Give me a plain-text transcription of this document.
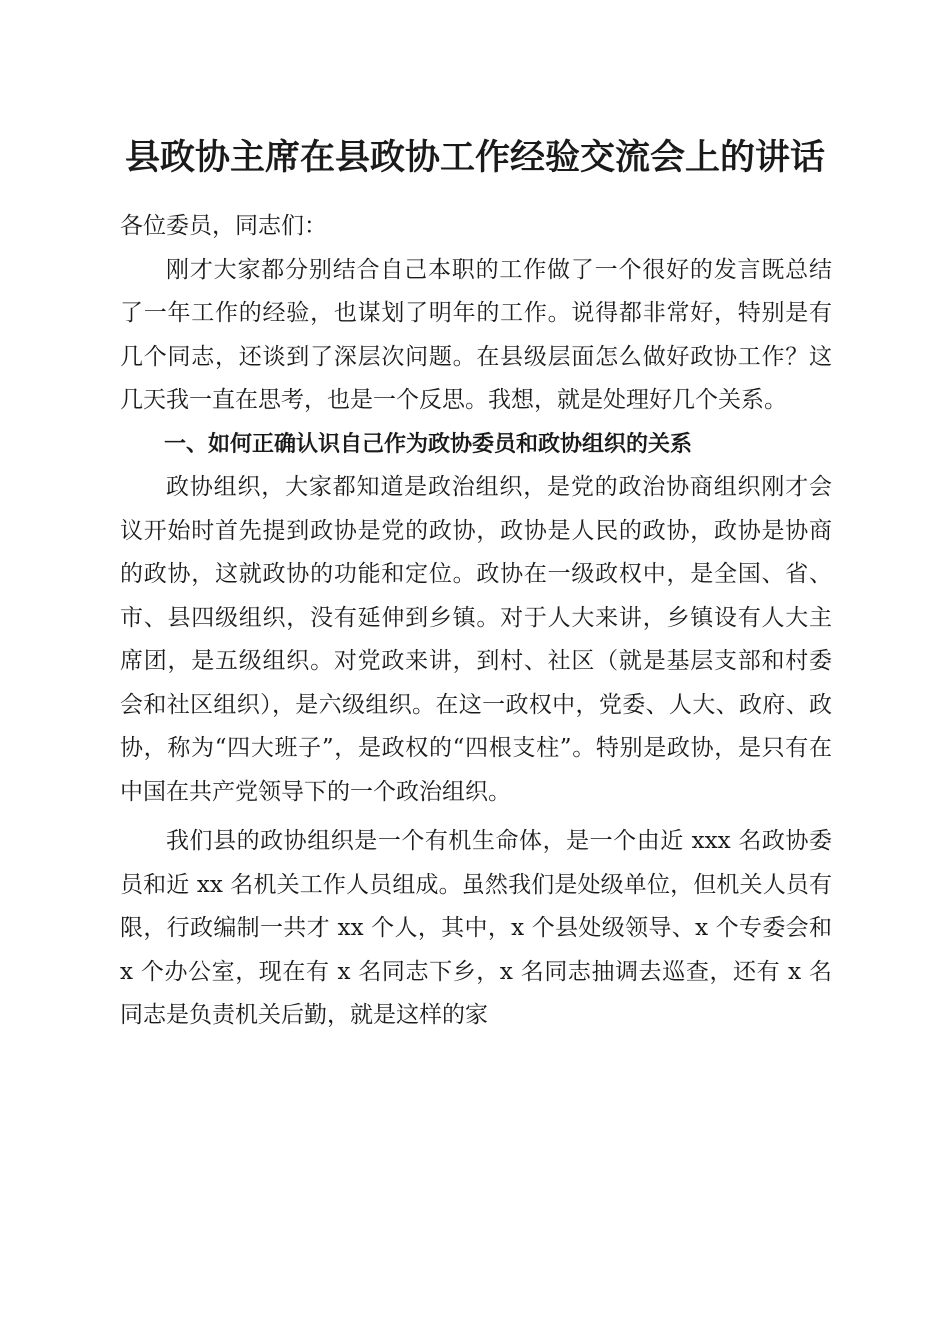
县政协主席在县政协工作经验交流会上的讲话

各位委员，同志们：

刚才大家都分别结合自己本职的工作做了一个很好的发言既总结了一年工作的经验，也谋划了明年的工作。说得都非常好，特别是有几个同志，还谈到了深层次问题。在县级层面怎么做好政协工作？这几天我一直在思考，也是一个反思。我想，就是处理好几个关系。

一、如何正确认识自己作为政协委员和政协组织的关系

政协组织，大家都知道是政治组织，是党的政治协商组织刚才会议开始时首先提到政协是党的政协，政协是人民的政协，政协是协商的政协，这就政协的功能和定位。政协在一级政权中，是全国、省、市、县四级组织，没有延伸到乡镇。对于人大来讲，乡镇设有人大主席团，是五级组织。对党政来讲，到村、社区（就是基层支部和村委会和社区组织），是六级组织。在这一政权中，党委、人大、政府、政协，称为“四大班子”，是政权的“四根支柱”。特别是政协，是只有在中国在共产党领导下的一个政治组织。

我们县的政协组织是一个有机生命体，是一个由近 xxx 名政协委员和近 xx 名机关工作人员组成。虽然我们是处级单位，但机关人员有限，行政编制一共才 xx 个人，其中，x 个县处级领导、x 个专委会和 x 个办公室，现在有 x 名同志下乡，x 名同志抽调去巡查，还有 x 名同志是负责机关后勤，就是这样的家
